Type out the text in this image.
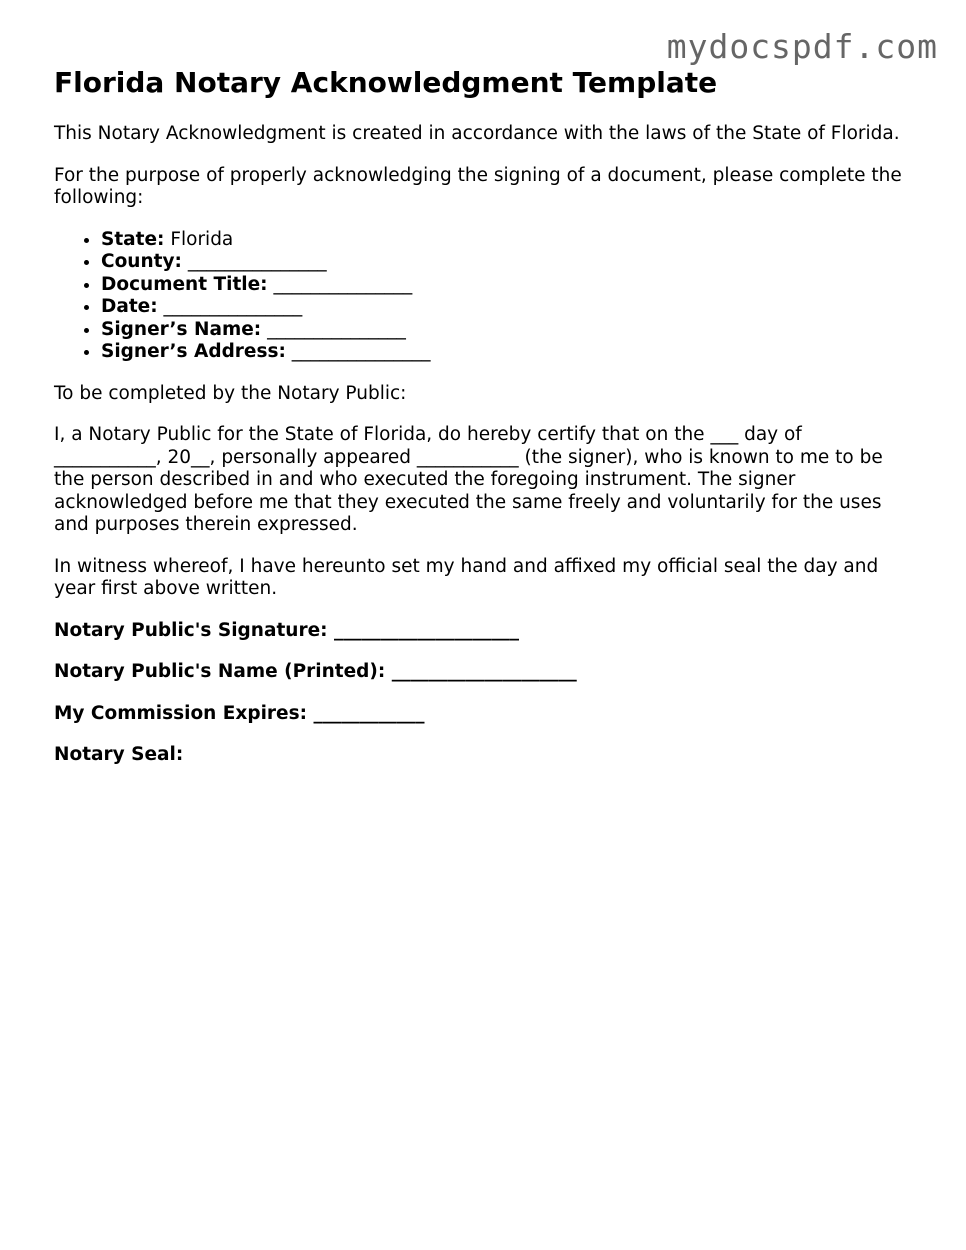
mydocspdf.com
Florida Notary Acknowledgment Template

This Notary Acknowledgment is created in accordance with the laws of the State of Florida.

For the purpose of properly acknowledging the signing of a document, please complete the following:

• State: Florida
• County: _______________
• Document Title: _______________
• Date: _______________
• Signer’s Name: _______________
• Signer’s Address: _______________

To be completed by the Notary Public:

I, a Notary Public for the State of Florida, do hereby certify that on the ___ day of ___________, 20__, personally appeared ___________ (the signer), who is known to me to be the person described in and who executed the foregoing instrument. The signer acknowledged before me that they executed the same freely and voluntarily for the uses and purposes therein expressed.

In witness whereof, I have hereunto set my hand and affixed my official seal the day and year first above written.

Notary Public's Signature: ____________________
Notary Public's Name (Printed): ____________________
My Commission Expires: ____________
Notary Seal:
